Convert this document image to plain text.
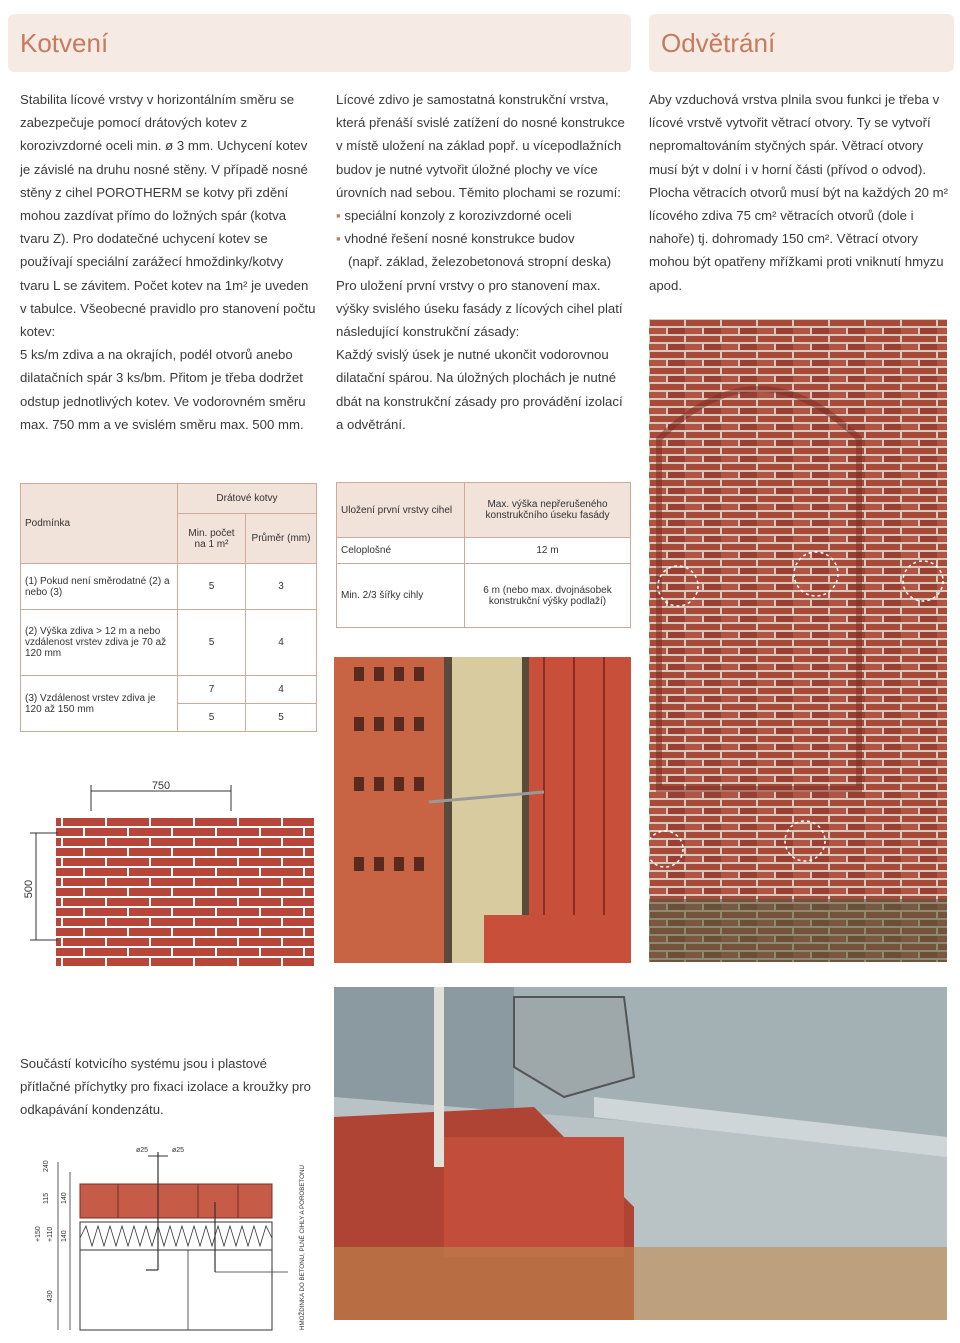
Kotvení	Odvětrání

Stabilita lícové vrstvy v horizontálním směru se zabezpečuje pomocí drátových kotev z korozivzdorné oceli min. ø 3 mm. Uchycení kotev je závislé na druhu nosné stěny. V případě nosné stěny z cihel POROTHERM se kotvy při zdění mohou zazdívat přímo do ložných spár (kotva tvaru Z). Pro dodatečné uchycení kotev se používají speciální zarážecí hmoždinky/kotvy tvaru L se závitem. Počet kotev na 1m² je uveden v tabulce. Všeobecné pravidlo pro stanovení počtu kotev:

5 ks/m zdiva a na okrajích, podél otvorů anebo dilatačních spár 3 ks/bm. Přitom je třeba dodržet odstup jednotlivých kotev. Ve vodorovném směru max. 750 mm a ve svislém směru max. 500 mm.

Lícové zdivo je samostatná konstrukční vrstva, která přenáší svislé zatížení do nosné konstrukce v místě uložení na základ popř. u vícepodlažních budov je nutné vytvořit úložné plochy ve více úrovních nad sebou. Těmito plochami se rozumí:

▪ speciální konzoly z korozivzdorné oceli

▪ vhodné řešení nosné konstrukce budov

(např. základ, železobetonová stropní deska)

Pro uložení první vrstvy o pro stanovení max. výšky svislého úseku fasády z lícových cihel platí následující konstrukční zásady:

Každý svislý úsek je nutné ukončit vodorovnou dilatační spárou. Na úložných plochách je nutné dbát na konstrukční zásady pro provádění izolací a odvětrání.

Aby vzduchová vrstva plnila svou funkci je třeba v lícové vrstvě vytvořit větrací otvory. Ty se vytvoří nepromaltováním styčných spár. Větrací otvory musí být v dolní i v horní části (přívod o odvod). Plocha větracích otvorů musí být na každých 20 m² lícového zdiva 75 cm² větracích otvorů (dole i nahoře) tj. dohromady 150 cm². Větrací otvory mohou být opatřeny mřížkami proti vniknutí hmyzu apod.

Podmínka	Drátové kotvy	
	Min. počet na 1 m²	Průměr (mm)
(1) Pokud není směrodatné (2) a nebo (3)	5	3
(2) Výška zdiva > 12 m a nebo vzdálenost vrstev zdiva je 70 až 120 mm	5	4
(3) Vzdálenost vrstev zdiva je 120 až 150 mm	7	4
	5	5
Uložení první vrstvy cihel	Max. výška nepřerušeného konstrukčního úseku fasády
Celoplošné	12 m
Min. 2/3 šířky cihly	6 m (nebo max. dvojnásobek konstrukční výšky podlaží)
750
500
Součástí kotvicího systému jsou i plastové přítlačné příchytky pro fixaci izolace a kroužky pro odkapávání kondenzátu.
ø25	ø25
240
115 140
+150 +110 140
430	HMOŽDINKA DO BETONU, PLNÉ CIHLY A POROBETONU
